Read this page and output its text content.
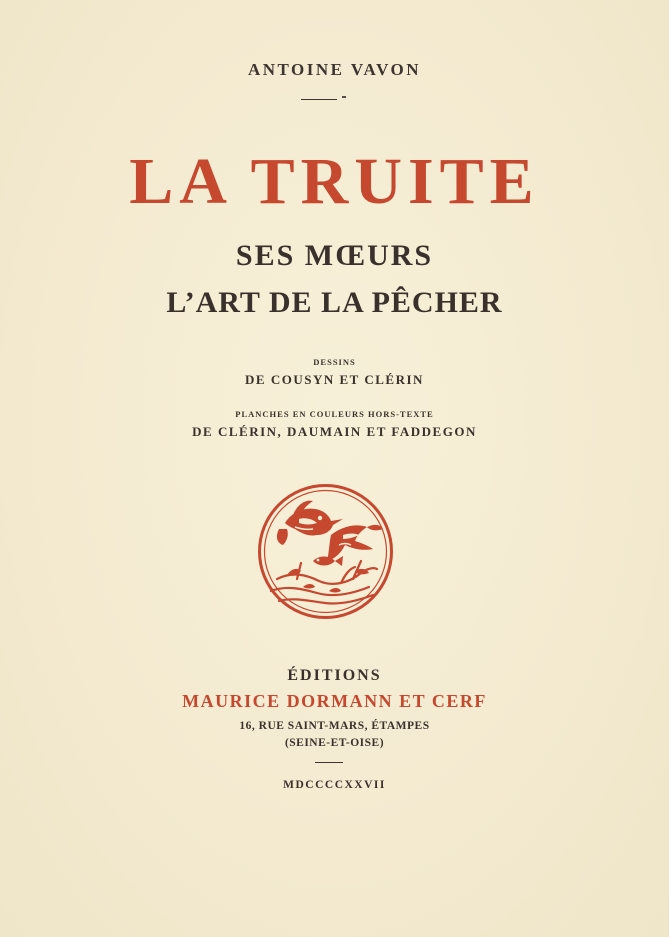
ANTOINE VAVON
LA TRUITE
SES MŒURS
L’ART DE LA PÊCHER
DESSINS
DE COUSYN ET CLÉRIN
PLANCHES EN COULEURS HORS-TEXTE
DE CLÉRIN, DAUMAIN ET FADDEGON
ÉDITIONS
MAURICE DORMANN ET CERF
16, RUE SAINT-MARS, ÉTAMPES
(SEINE-ET-OISE)
MDCCCCXXVII
